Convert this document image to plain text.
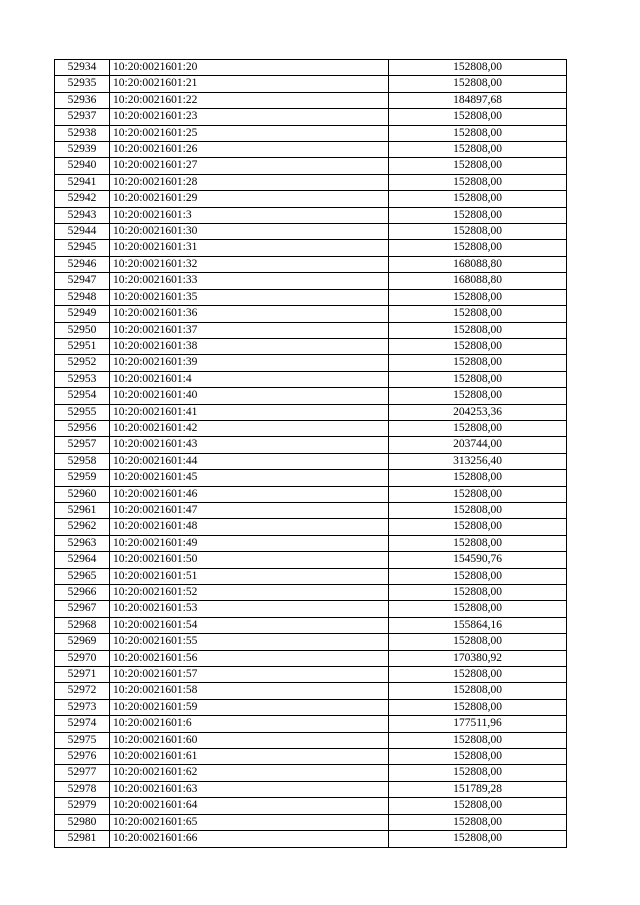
52934	10:20:0021601:20	152808,00
52935	10:20:0021601:21	152808,00
52936	10:20:0021601:22	184897,68
52937	10:20:0021601:23	152808,00
52938	10:20:0021601:25	152808,00
52939	10:20:0021601:26	152808,00
52940	10:20:0021601:27	152808,00
52941	10:20:0021601:28	152808,00
52942	10:20:0021601:29	152808,00
52943	10:20:0021601:3	152808,00
52944	10:20:0021601:30	152808,00
52945	10:20:0021601:31	152808,00
52946	10:20:0021601:32	168088,80
52947	10:20:0021601:33	168088,80
52948	10:20:0021601:35	152808,00
52949	10:20:0021601:36	152808,00
52950	10:20:0021601:37	152808,00
52951	10:20:0021601:38	152808,00
52952	10:20:0021601:39	152808,00
52953	10:20:0021601:4	152808,00
52954	10:20:0021601:40	152808,00
52955	10:20:0021601:41	204253,36
52956	10:20:0021601:42	152808,00
52957	10:20:0021601:43	203744,00
52958	10:20:0021601:44	313256,40
52959	10:20:0021601:45	152808,00
52960	10:20:0021601:46	152808,00
52961	10:20:0021601:47	152808,00
52962	10:20:0021601:48	152808,00
52963	10:20:0021601:49	152808,00
52964	10:20:0021601:50	154590,76
52965	10:20:0021601:51	152808,00
52966	10:20:0021601:52	152808,00
52967	10:20:0021601:53	152808,00
52968	10:20:0021601:54	155864,16
52969	10:20:0021601:55	152808,00
52970	10:20:0021601:56	170380,92
52971	10:20:0021601:57	152808,00
52972	10:20:0021601:58	152808,00
52973	10:20:0021601:59	152808,00
52974	10:20:0021601:6	177511,96
52975	10:20:0021601:60	152808,00
52976	10:20:0021601:61	152808,00
52977	10:20:0021601:62	152808,00
52978	10:20:0021601:63	151789,28
52979	10:20:0021601:64	152808,00
52980	10:20:0021601:65	152808,00
52981	10:20:0021601:66	152808,00
